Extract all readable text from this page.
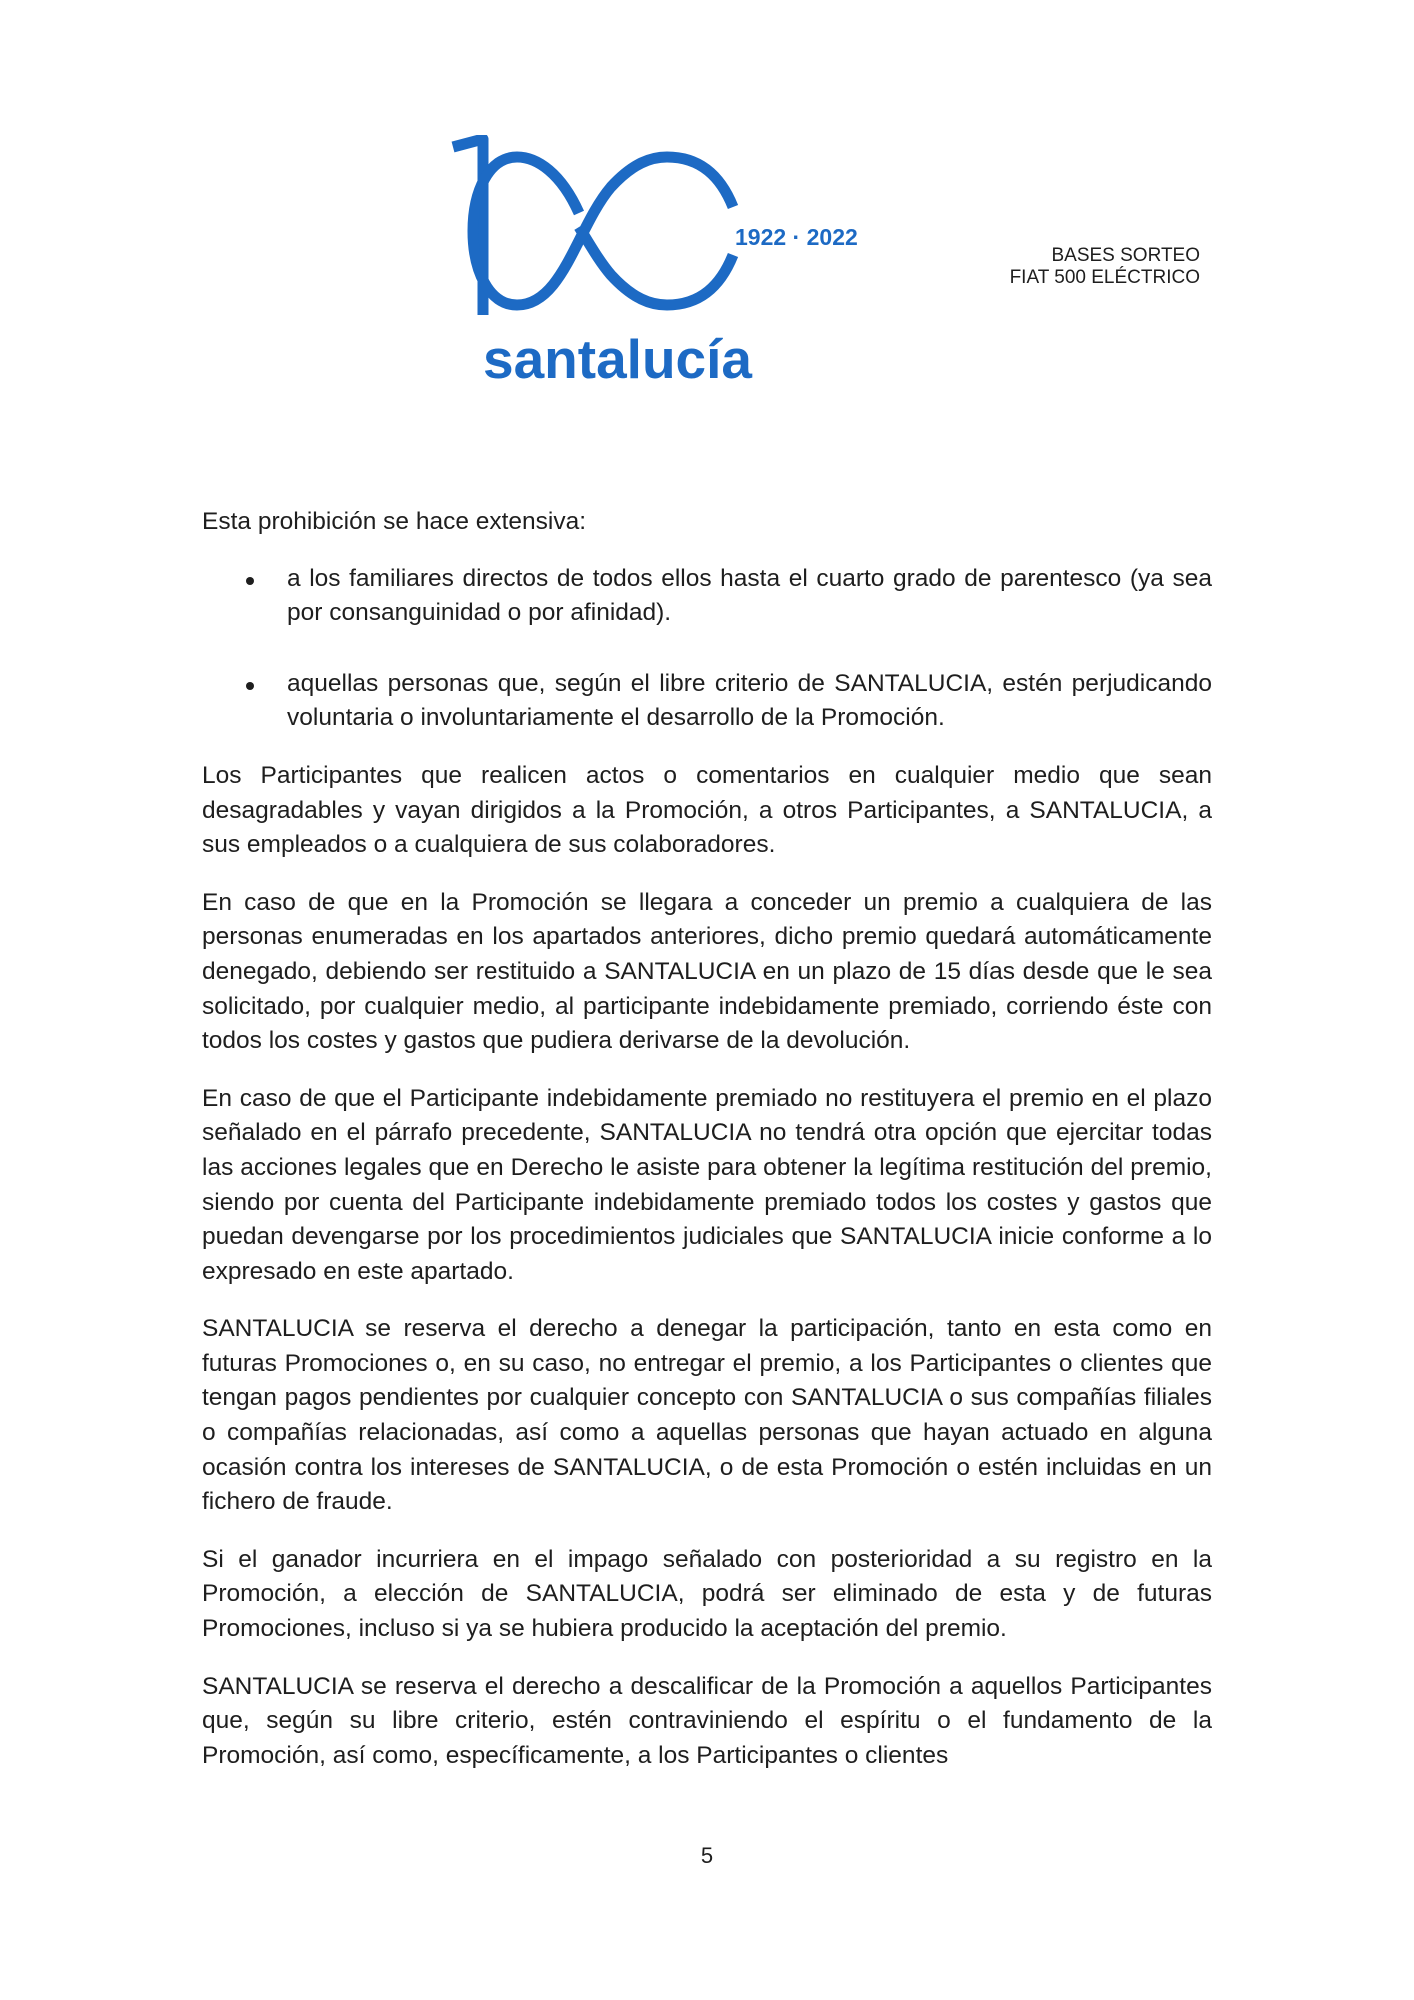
1922 · 2022
santalucía
BASES SORTEO
FIAT 500 ELÉCTRICO

Esta prohibición se hace extensiva:

a los familiares directos de todos ellos hasta el cuarto grado de parentesco (ya sea por consanguinidad o por afinidad).
aquellas personas que, según el libre criterio de SANTALUCIA, estén perjudicando voluntaria o involuntariamente el desarrollo de la Promoción.

Los Participantes que realicen actos o comentarios en cualquier medio que sean desagradables y vayan dirigidos a la Promoción, a otros Participantes, a SANTALUCIA, a sus empleados o a cualquiera de sus colaboradores.

En caso de que en la Promoción se llegara a conceder un premio a cualquiera de las personas enumeradas en los apartados anteriores, dicho premio quedará automáticamente denegado, debiendo ser restituido a SANTALUCIA en un plazo de 15 días desde que le sea solicitado, por cualquier medio, al participante indebidamente premiado, corriendo éste con todos los costes y gastos que pudiera derivarse de la devolución.

En caso de que el Participante indebidamente premiado no restituyera el premio en el plazo señalado en el párrafo precedente, SANTALUCIA no tendrá otra opción que ejercitar todas las acciones legales que en Derecho le asiste para obtener la legítima restitución del premio, siendo por cuenta del Participante indebidamente premiado todos los costes y gastos que puedan devengarse por los procedimientos judiciales que SANTALUCIA inicie conforme a lo expresado en este apartado.

SANTALUCIA se reserva el derecho a denegar la participación, tanto en esta como en futuras Promociones o, en su caso, no entregar el premio, a los Participantes o clientes que tengan pagos pendientes por cualquier concepto con SANTALUCIA o sus compañías filiales o compañías relacionadas, así como a aquellas personas que hayan actuado en alguna ocasión contra los intereses de SANTALUCIA, o de esta Promoción o estén incluidas en un fichero de fraude.

Si el ganador incurriera en el impago señalado con posterioridad a su registro en la Promoción, a elección de SANTALUCIA, podrá ser eliminado de esta y de futuras Promociones, incluso si ya se hubiera producido la aceptación del premio.

SANTALUCIA se reserva el derecho a descalificar de la Promoción a aquellos Participantes que, según su libre criterio, estén contraviniendo el espíritu o el fundamento de la Promoción, así como, específicamente, a los Participantes o clientes

5
